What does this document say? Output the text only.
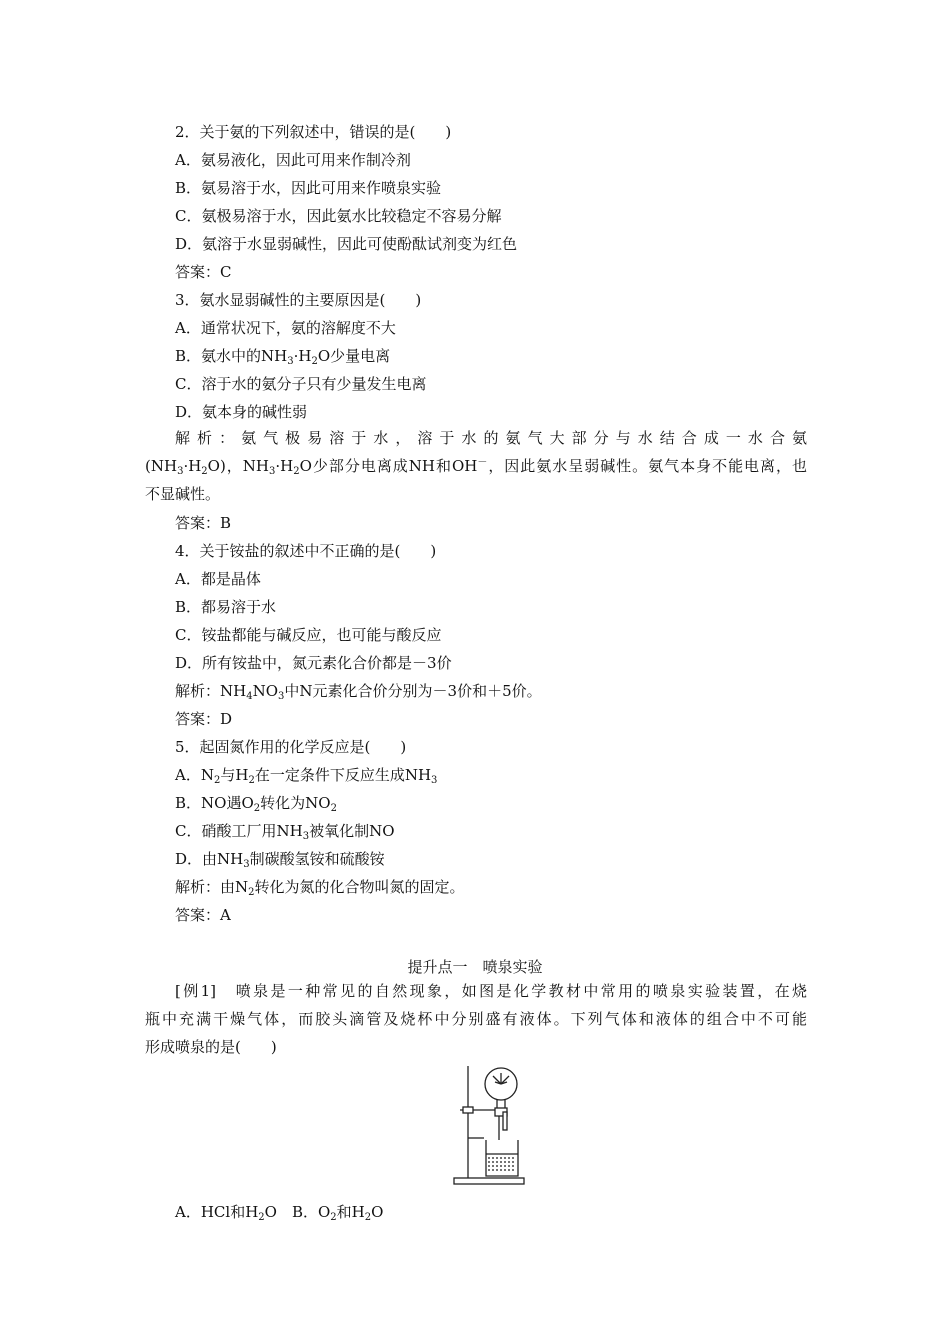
2．关于氨的下列叙述中，错误的是(　　)
A．氨易液化，因此可用来作制冷剂
B．氨易溶于水，因此可用来作喷泉实验
C．氨极易溶于水，因此氨水比较稳定不容易分解
D．氨溶于水显弱碱性，因此可使酚酞试剂变为红色
答案：C
3．氨水显弱碱性的主要原因是(　　)
A．通常状况下，氨的溶解度不大
B．氨水中的$NH_3\cdot H_2O$少量电离
C．溶于水的氨分子只有少量发生电离
D．氨本身的碱性弱
解析：氨气极易溶于水，溶于水的氨气大部分与水结合成一水合氨
$(NH_3\cdot H_2O)$，$NH_3\cdot H_2O$少部分电离成NH和OH－，因此氨水呈弱碱性。氨气本身不能电离，也
不显碱性。
答案：B
4．关于铵盐的叙述中不正确的是(　　)
A．都是晶体
B．都易溶于水
C．铵盐都能与碱反应，也可能与酸反应
D．所有铵盐中，氮元素化合价都是－3价
解析：$NH_4NO_3$中N元素化合价分别为－3价和＋5价。
答案：D
5．起固氮作用的化学反应是(　　)
A．$N_2$与$H_2$在一定条件下反应生成$NH_3$
B．NO遇$O_2$转化为$NO_2$
C．硝酸工厂用$NH_3$被氧化制NO
D．由$NH_3$制碳酸氢铵和硫酸铵
解析：由$N_2$转化为氮的化合物叫氮的固定。
答案：A
提升点一　喷泉实验
[例1]　喷泉是一种常见的自然现象，如图是化学教材中常用的喷泉实验装置，在烧
瓶中充满干燥气体，而胶头滴管及烧杯中分别盛有液体。下列气体和液体的组合中不可能
形成喷泉的是(　　)
A．HCl和$H_2O$　B．$O_2$和$H_2O$
